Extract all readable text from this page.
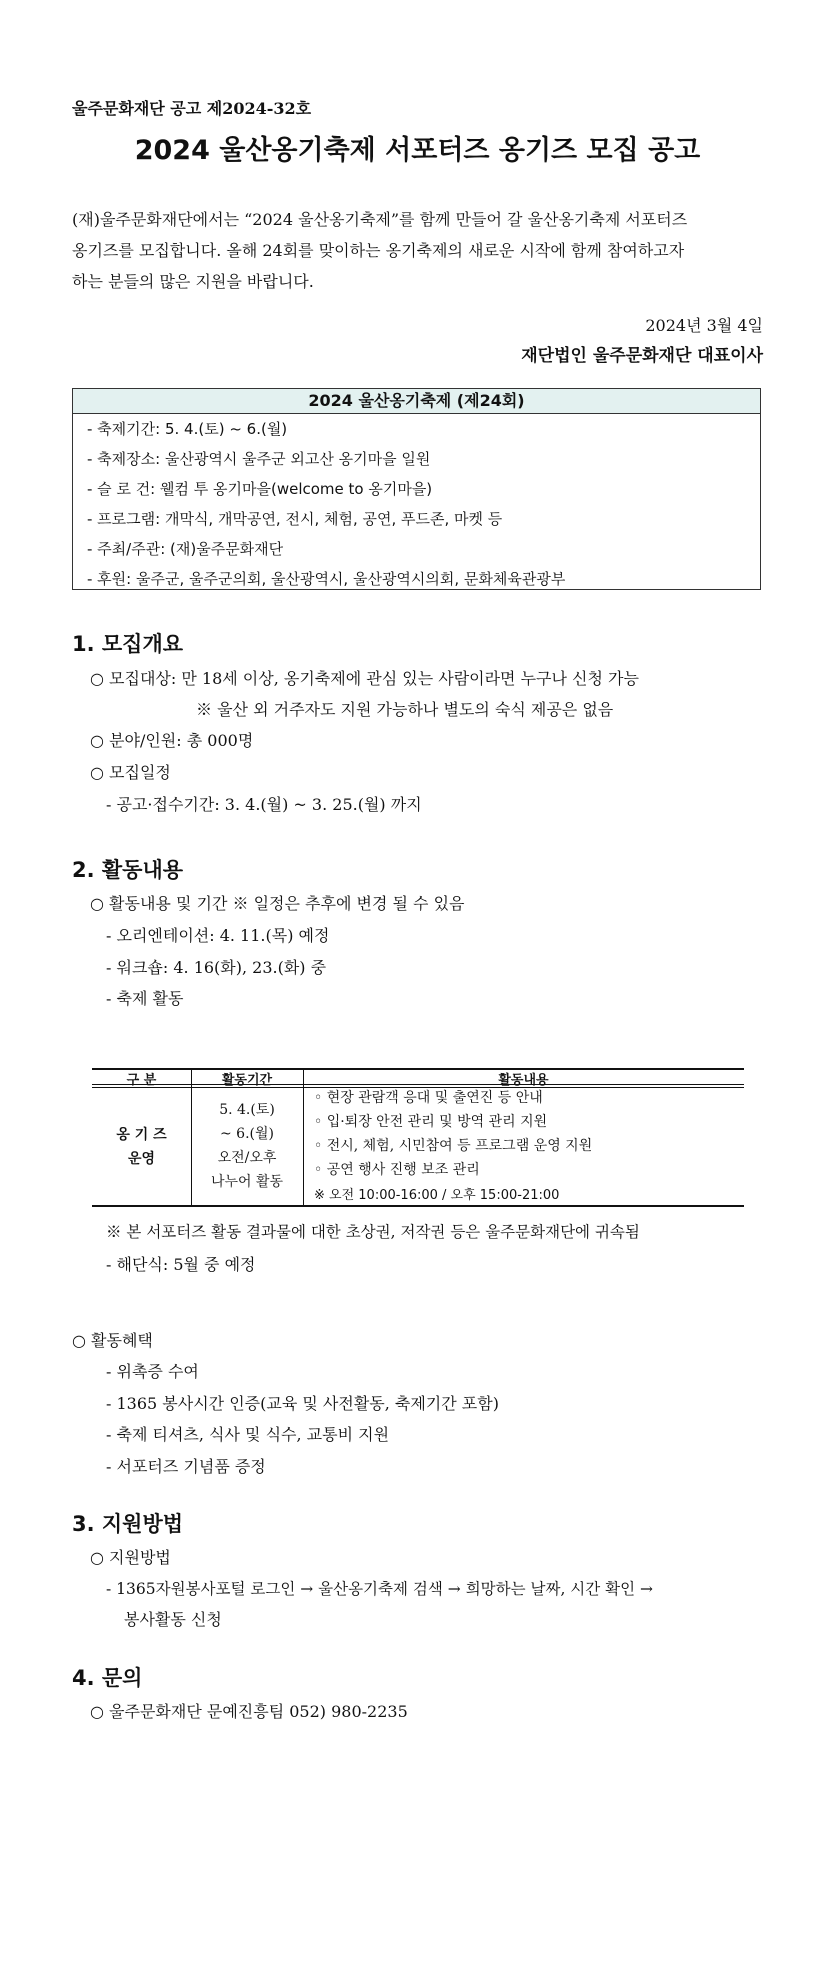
울주문화재단 공고 제2024-32호
2024 울산옹기축제 서포터즈 옹기즈 모집 공고

(재)울주문화재단에서는 “2024 울산옹기축제”를 함께 만들어 갈 울산옹기축제 서포터즈

옹기즈를 모집합니다. 올해 24회를 맞이하는 옹기축제의 새로운 시작에 함께 참여하고자

하는 분들의 많은 지원을 바랍니다.

2024년 3월 4일
재단법인 울주문화재단 대표이사
2024 울산옹기축제 (제24회)
- 축제기간: 5. 4.(토) ~ 6.(월)
- 축제장소: 울산광역시 울주군 외고산 옹기마을 일원
- 슬 로 건: 웰컴 투 옹기마을(welcome to 옹기마을)
- 프로그램: 개막식, 개막공연, 전시, 체험, 공연, 푸드존, 마켓 등
- 주최/주관: (재)울주문화재단
- 후원: 울주군, 울주군의회, 울산광역시, 울산광역시의회, 문화체육관광부
1. 모집개요
○ 모집대상: 만 18세 이상, 옹기축제에 관심 있는 사람이라면 누구나 신청 가능
※ 울산 외 거주자도 지원 가능하나 별도의 숙식 제공은 없음
○ 분야/인원: 총 000명
○ 모집일정
- 공고·접수기간: 3. 4.(월) ~ 3. 25.(월) 까지
2. 활동내용
○ 활동내용 및 기간 ※ 일정은 추후에 변경 될 수 있음
- 오리엔테이션: 4. 11.(목) 예정
- 워크숍: 4. 16(화), 23.(화) 중
- 축제 활동
구 분	활동기간	활동내용
옹 기 즈
운영
5. 4.(토)
~ 6.(월)
오전/오후
나누어 활동
◦ 현장 관람객 응대 및 출연진 등 안내
◦ 입·퇴장 안전 관리 및 방역 관리 지원
◦ 전시, 체험, 시민참여 등 프로그램 운영 지원
◦ 공연 행사 진행 보조 관리
※ 오전 10:00-16:00 / 오후 15:00-21:00
※ 본 서포터즈 활동 결과물에 대한 초상권, 저작권 등은 울주문화재단에 귀속됨
- 해단식: 5월 중 예정
○ 활동혜택
- 위촉증 수여
- 1365 봉사시간 인증(교육 및 사전활동, 축제기간 포함)
- 축제 티셔츠, 식사 및 식수, 교통비 지원
- 서포터즈 기념품 증정
3. 지원방법
○ 지원방법
- 1365자원봉사포털 로그인 → 울산옹기축제 검색 → 희망하는 날짜, 시간 확인 →
봉사활동 신청
4. 문의
○ 울주문화재단 문예진흥팀 052) 980-2235
